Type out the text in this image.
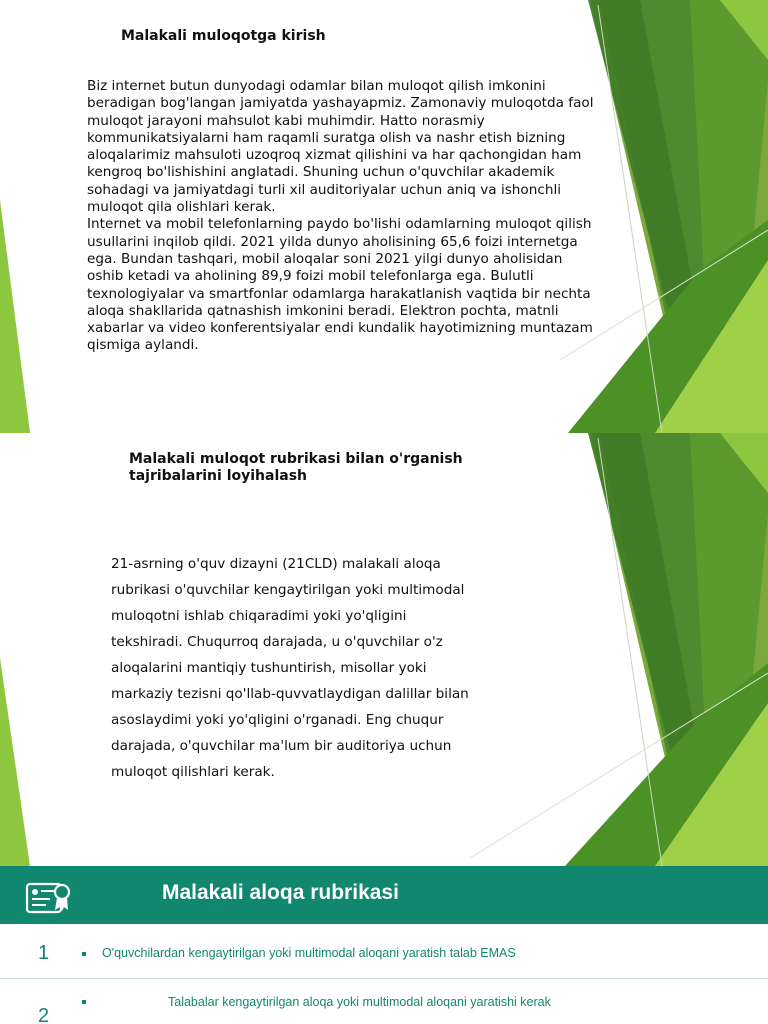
Malakali muloqotga kirish

Biz internet butun dunyodagi odamlar bilan muloqot qilish imkonini beradigan bog'langan jamiyatda yashayapmiz. Zamonaviy muloqotda faol muloqot jarayoni mahsulot kabi muhimdir. Hatto norasmiy kommunikatsiyalarni ham raqamli suratga olish va nashr etish bizning aloqalarimiz mahsuloti uzoqroq xizmat qilishini va har qachongidan ham kengroq bo'lishishini anglatadi. Shuning uchun o'quvchilar akademik sohadagi va jamiyatdagi turli xil auditoriyalar uchun aniq va ishonchli muloqot qila olishlari kerak.

Internet va mobil telefonlarning paydo bo'lishi odamlarning muloqot qilish usullarini inqilob qildi. 2021 yilda dunyo aholisining 65,6 foizi internetga ega. Bundan tashqari, mobil aloqalar soni 2021 yilgi dunyo aholisidan oshib ketadi va aholining 89,9 foizi mobil telefonlarga ega. Bulutli texnologiyalar va smartfonlar odamlarga harakatlanish vaqtida bir nechta aloqa shakllarida qatnashish imkonini beradi. Elektron pochta, matnli xabarlar va video konferentsiyalar endi kundalik hayotimizning muntazam qismiga aylandi.

Malakali muloqot rubrikasi bilan o'rganish tajribalarini loyihalash

21-asrning o'quv dizayni (21CLD) malakali aloqa rubrikasi o'quvchilar kengaytirilgan yoki multimodal muloqotni ishlab chiqaradimi yoki yo'qligini tekshiradi. Chuqurroq darajada, u o'quvchilar o'z aloqalarini mantiqiy tushuntirish, misollar yoki markaziy tezisni qo'llab-quvvatlaydigan dalillar bilan asoslaydimi yoki yo'qligini o'rganadi. Eng chuqur darajada, o'quvchilar ma'lum bir auditoriya uchun muloqot qilishlari kerak.

Malakali aloqa rubrikasi
1	O'quvchilardan kengaytirilgan yoki multimodal aloqani yaratish talab EMAS
2
Talabalar kengaytirilgan aloqa yoki multimodal aloqani yaratishi kerak
